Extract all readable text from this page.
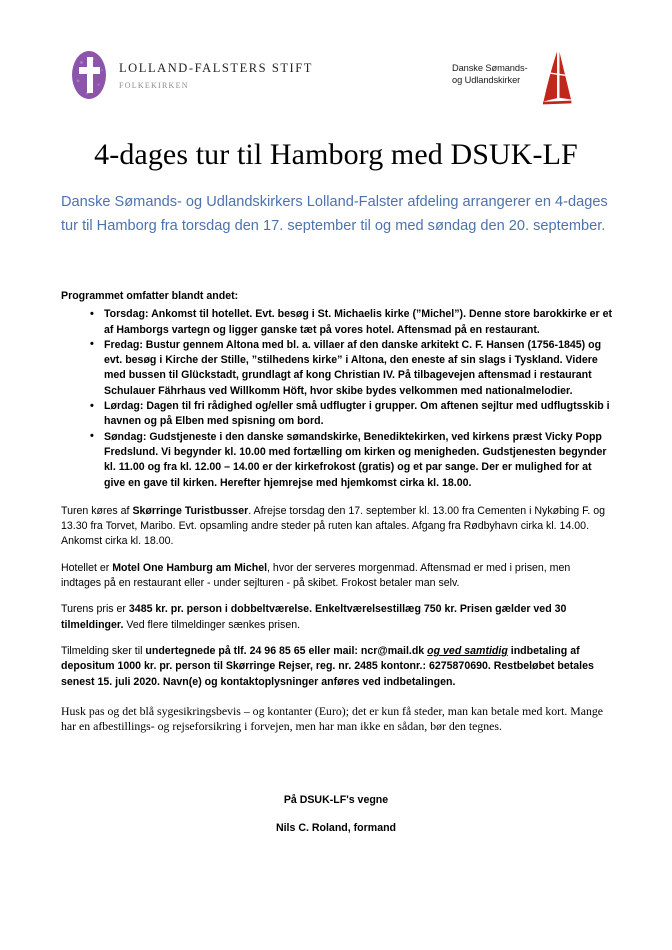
LOLLAND-FALSTERS STIFT
FOLKEKIRKEN
Danske Sømands-
og Udlandskirker
4-dages tur til Hamborg med DSUK-LF
Danske Sømands- og Udlandskirkers Lolland-Falster afdeling arrangerer en 4-dages tur til Hamborg fra torsdag den 17. september til og med søndag den 20. september.

Programmet omfatter blandt andet:

• Torsdag: Ankomst til hotellet. Evt. besøg i St. Michaelis kirke (”Michel”). Denne store barokkirke er et af Hamborgs vartegn og ligger ganske tæt på vores hotel. Aftensmad på en restaurant.
• Fredag: Bustur gennem Altona med bl. a. villaer af den danske arkitekt C. F. Hansen (1756-1845) og evt. besøg i Kirche der Stille, ”stilhedens kirke” i Altona, den eneste af sin slags i Tyskland. Videre med bussen til Glückstadt, grundlagt af kong Christian IV. På tilbagevejen aftensmad i restaurant Schulauer Fährhaus ved Willkomm Höft, hvor skibe bydes velkommen med nationalmelodier.
• Lørdag: Dagen til fri rådighed og/eller små udflugter i grupper. Om aftenen sejltur med udflugtsskib i havnen og på Elben med spisning om bord.
• Søndag: Gudstjeneste i den danske sømandskirke, Benediktekirken, ved kirkens præst Vicky Popp Fredslund. Vi begynder kl. 10.00 med fortælling om kirken og menigheden. Gudstjenesten begynder kl. 11.00 og fra kl. 12.00 – 14.00 er der kirkefrokost (gratis) og et par sange. Der er mulighed for at give en gave til kirken. Herefter hjemrejse med hjemkomst cirka kl. 18.00.

Turen køres af Skørringe Turistbusser. Afrejse torsdag den 17. september kl. 13.00 fra Cementen i Nykøbing F. og 13.30 fra Torvet, Maribo. Evt. opsamling andre steder på ruten kan aftales. Afgang fra Rødbyhavn cirka kl. 14.00. Ankomst cirka kl. 18.00.

Hotellet er Motel One Hamburg am Michel, hvor der serveres morgenmad. Aftensmad er med i prisen, men indtages på en restaurant eller - under sejlturen - på skibet. Frokost betaler man selv.

Turens pris er 3485 kr. pr. person i dobbeltværelse. Enkeltværelsestillæg 750 kr. Prisen gælder ved 30 tilmeldinger. Ved flere tilmeldinger sænkes prisen.

Tilmelding sker til undertegnede på tlf. 24 96 85 65 eller mail: ncr@mail.dk og ved samtidig indbetaling af depositum 1000 kr. pr. person til Skørringe Rejser, reg. nr. 2485 kontonr.: 6275870690. Restbeløbet betales senest 15. juli 2020. Navn(e) og kontaktoplysninger anføres ved indbetalingen.

Husk pas og det blå sygesikringsbevis – og kontanter (Euro); det er kun få steder, man kan betale med kort. Mange har en afbestillings- og rejseforsikring i forvejen, men har man ikke en sådan, bør den tegnes.

På DSUK-LF's vegne
Nils C. Roland, formand
